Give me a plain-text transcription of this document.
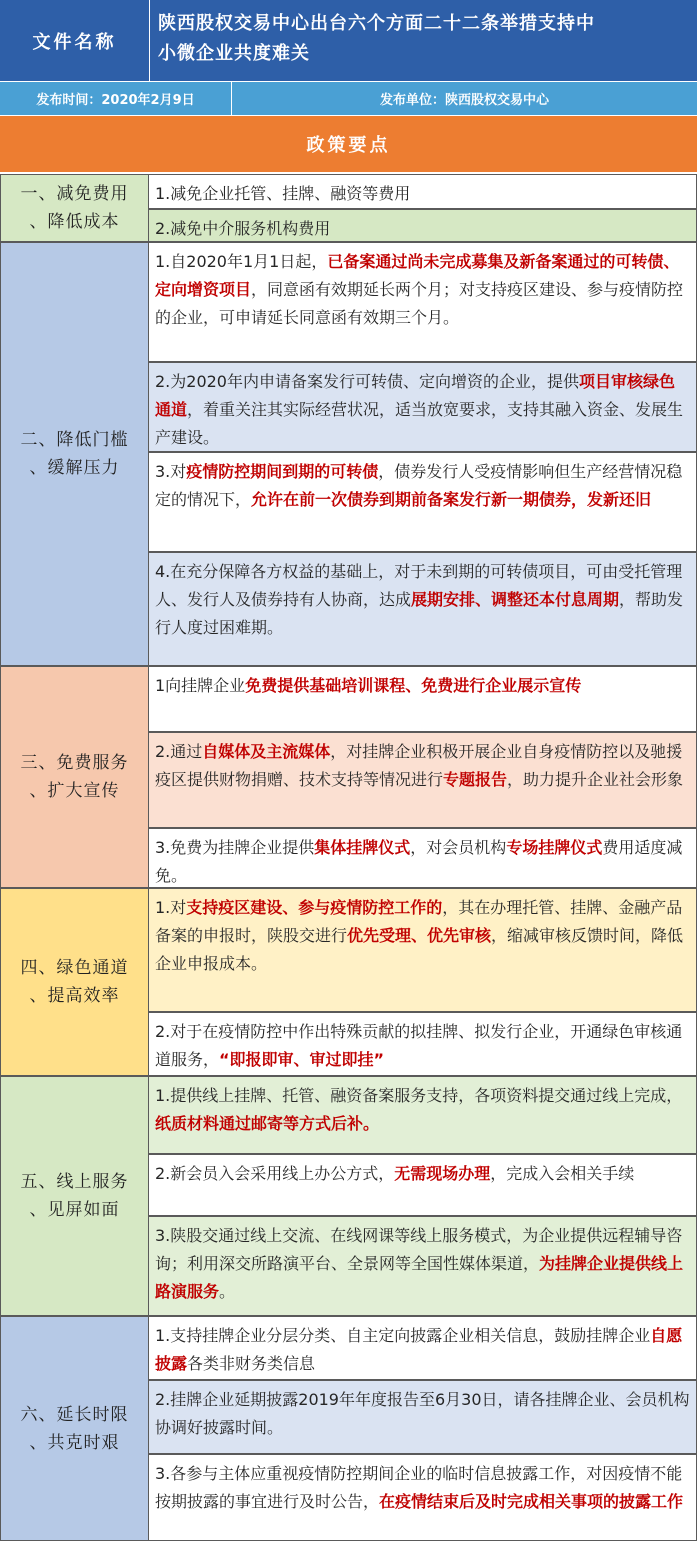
文件名称
陕西股权交易中心出台六个方面二十二条举措支持中
小微企业共度难关
发布时间：2020年2月9日	发布单位：陕西股权交易中心
政策要点
一、减免费用
、降低成本
1.减免企业托管、挂牌、融资等费用
2.减免中介服务机构费用
二、降低门槛
、缓解压力
1.自2020年1月1日起，已备案通过尚未完成募集及新备案通过的可转债、定向增资项目，同意函有效期延长两个月；对支持疫区建设、参与疫情防控的企业，可申请延长同意函有效期三个月。
2.为2020年内申请备案发行可转债、定向增资的企业，提供项目审核绿色通道，着重关注其实际经营状况，适当放宽要求，支持其融入资金、发展生产建设。
3.对疫情防控期间到期的可转债，债券发行人受疫情影响但生产经营情况稳定的情况下，允许在前一次债券到期前备案发行新一期债券，发新还旧
4.在充分保障各方权益的基础上，对于未到期的可转债项目，可由受托管理人、发行人及债券持有人协商，达成展期安排、调整还本付息周期，帮助发行人度过困难期。
三、免费服务
、扩大宣传
1向挂牌企业免费提供基础培训课程、免费进行企业展示宣传
2.通过自媒体及主流媒体，对挂牌企业积极开展企业自身疫情防控以及驰援疫区提供财物捐赠、技术支持等情况进行专题报告，助力提升企业社会形象
3.免费为挂牌企业提供集体挂牌仪式，对会员机构专场挂牌仪式费用适度减免。
四、绿色通道
、提高效率
1.对支持疫区建设、参与疫情防控工作的，其在办理托管、挂牌、金融产品备案的申报时，陕股交进行优先受理、优先审核，缩减审核反馈时间，降低企业申报成本。
2.对于在疫情防控中作出特殊贡献的拟挂牌、拟发行企业，开通绿色审核通道服务，“即报即审、审过即挂”
五、线上服务
、见屏如面
1.提供线上挂牌、托管、融资备案服务支持，各项资料提交通过线上完成，纸质材料通过邮寄等方式后补。
2.新会员入会采用线上办公方式，无需现场办理，完成入会相关手续
3.陕股交通过线上交流、在线网课等线上服务模式，为企业提供远程辅导咨询；利用深交所路演平台、全景网等全国性媒体渠道，为挂牌企业提供线上路演服务。
六、延长时限
、共克时艰
1.支持挂牌企业分层分类、自主定向披露企业相关信息，鼓励挂牌企业自愿披露各类非财务类信息
2.挂牌企业延期披露2019年年度报告至6月30日，请各挂牌企业、会员机构协调好披露时间。
3.各参与主体应重视疫情防控期间企业的临时信息披露工作，对因疫情不能按期披露的事宜进行及时公告，在疫情结束后及时完成相关事项的披露工作
